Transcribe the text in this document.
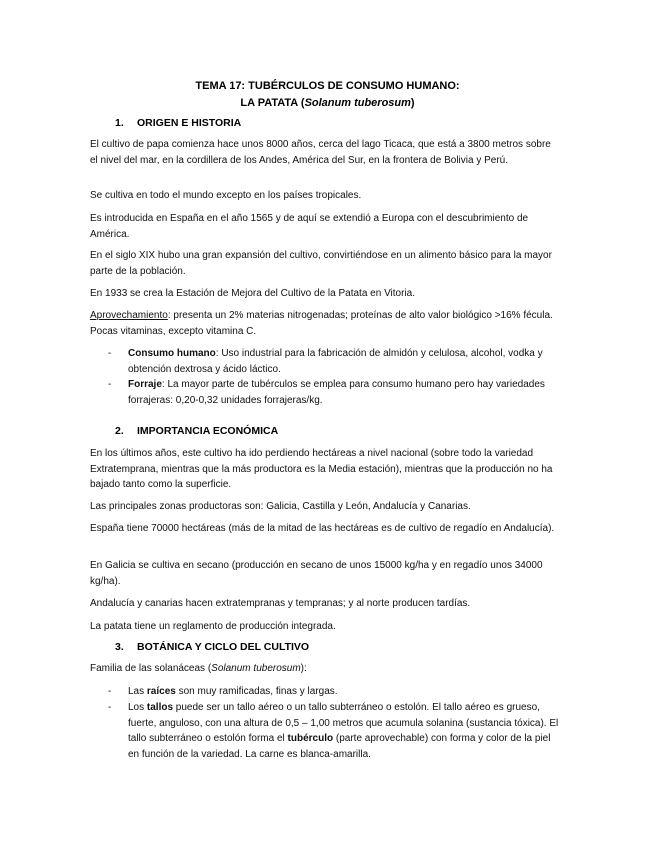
TEMA 17: TUBÉRCULOS DE CONSUMO HUMANO:
LA PATATA (Solanum tuberosum)
1. ORIGEN E HISTORIA
El cultivo de papa comienza hace unos 8000 años, cerca del lago Ticaca, que está a 3800 metros sobre el nivel del mar, en la cordillera de los Andes, América del Sur, en la frontera de Bolivia y Perú.
Se cultiva en todo el mundo excepto en los países tropicales.
Es introducida en España en el año 1565 y de aquí se extendió a Europa con el descubrimiento de América.
En el siglo XIX hubo una gran expansión del cultivo, convirtiéndose en un alimento básico para la mayor parte de la población.
En 1933 se crea la Estación de Mejora del Cultivo de la Patata en Vitoria.
Aprovechamiento: presenta un 2% materias nitrogenadas; proteínas de alto valor biológico >16% fécula. Pocas vitaminas, excepto vitamina C.
- Consumo humano: Uso industrial para la fabricación de almidón y celulosa, alcohol, vodka y obtención dextrosa y ácido láctico.
- Forraje: La mayor parte de tubérculos se emplea para consumo humano pero hay variedades forrajeras: 0,20-0,32 unidades forrajeras/kg.
2. IMPORTANCIA ECONÓMICA
En los últimos años, este cultivo ha ido perdiendo hectáreas a nivel nacional (sobre todo la variedad Extratemprana, mientras que la más productora es la Media estación), mientras que la producción no ha bajado tanto como la superficie.
Las principales zonas productoras son: Galicia, Castilla y León, Andalucía y Canarias.
España tiene 70000 hectáreas (más de la mitad de las hectáreas es de cultivo de regadío en Andalucía).
En Galicia se cultiva en secano (producción en secano de unos 15000 kg/ha y en regadío unos 34000 kg/ha).
Andalucía y canarias hacen extratempranas y tempranas; y al norte producen tardías.
La patata tiene un reglamento de producción integrada.
3. BOTÁNICA Y CICLO DEL CULTIVO
Familia de las solanáceas (Solanum tuberosum):
- Las raíces son muy ramificadas, finas y largas.
- Los tallos puede ser un tallo aéreo o un tallo subterráneo o estolón. El tallo aéreo es grueso, fuerte, anguloso, con una altura de 0,5 – 1,00 metros que acumula solanina (sustancia tóxica). El tallo subterráneo o estolón forma el tubérculo (parte aprovechable) con forma y color de la piel en función de la variedad. La carne es blanca-amarilla.
